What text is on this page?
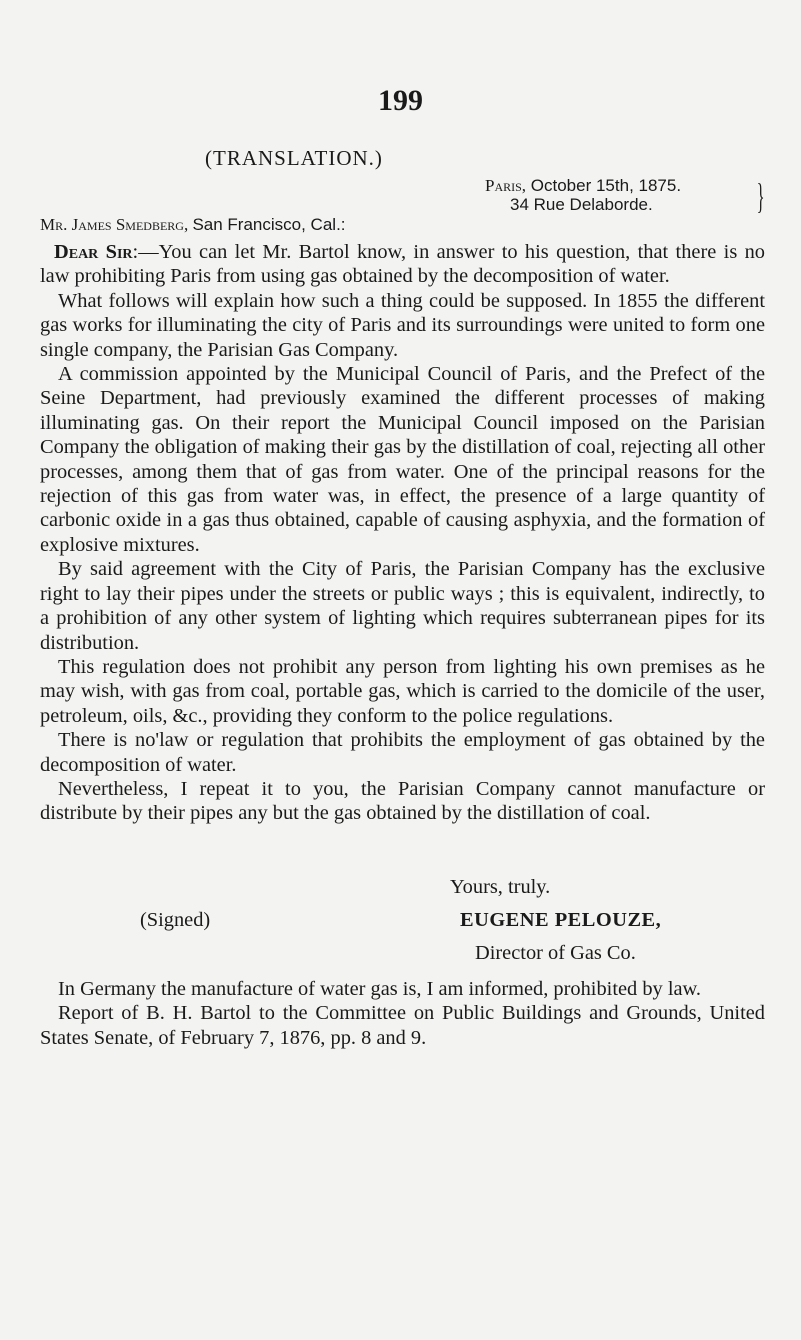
199
(TRANSLATION.)
Paris, October 15th, 1875.
34 Rue Delaborde.	}
Mr. James Smedberg, San Francisco, Cal.:

Dear Sir:—You can let Mr. Bartol know, in answer to his question, that there is no law prohibiting Paris from using gas obtained by the decomposition of water.

What follows will explain how such a thing could be supposed. In 1855 the different gas works for illuminating the city of Paris and its surroundings were united to form one single company, the Parisian Gas Company.

A commission appointed by the Municipal Council of Paris, and the Prefect of the Seine Department, had previously examined the different processes of making illuminating gas. On their report the Municipal Council imposed on the Parisian Company the obligation of making their gas by the distillation of coal, rejecting all other processes, among them that of gas from water. One of the principal reasons for the rejection of this gas from water was, in effect, the presence of a large quantity of carbonic oxide in a gas thus obtained, capable of causing asphyxia, and the formation of explosive mixtures.

By said agreement with the City of Paris, the Parisian Company has the exclusive right to lay their pipes under the streets or public ways ; this is equivalent, indirectly, to a prohibition of any other system of lighting which requires subterranean pipes for its distribution.

This regulation does not prohibit any person from lighting his own premises as he may wish, with gas from coal, portable gas, which is carried to the domicile of the user, petroleum, oils, &c., providing they conform to the police regulations.

There is no'law or regulation that prohibits the employment of gas obtained by the decomposition of water.

Nevertheless, I repeat it to you, the Parisian Company cannot manufacture or distribute by their pipes any but the gas obtained by the distillation of coal.

Yours, truly.
(Signed)	EUGENE PELOUZE,
Director of Gas Co.

In Germany the manufacture of water gas is, I am informed, prohibited by law.

Report of B. H. Bartol to the Committee on Public Buildings and Grounds, United States Senate, of February 7, 1876, pp. 8 and 9.
